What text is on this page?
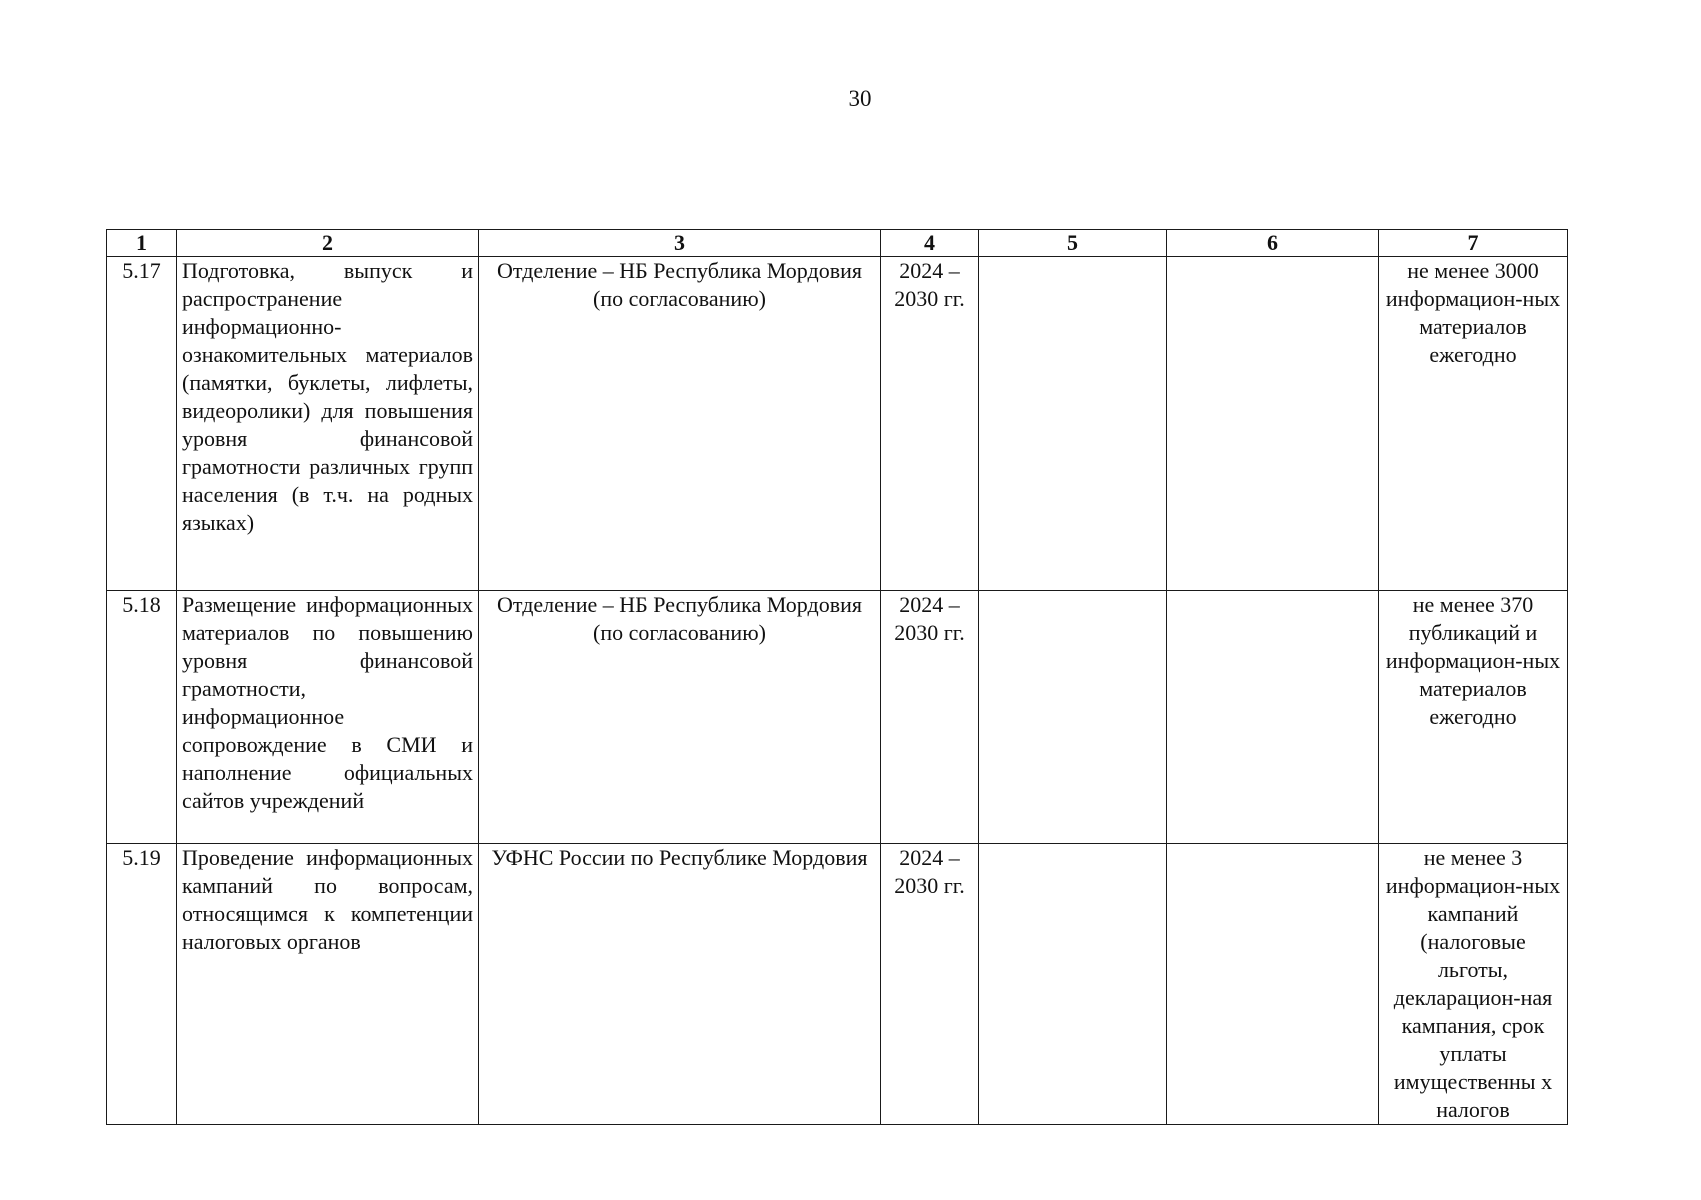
30
1	2	3	4	5	6	7
5.17	Подготовка, выпуск и распространение информационно-ознакомительных материалов (памятки, буклеты, лифлеты, видеоролики) для повышения уровня финансовой грамотности различных групп населения (в т.ч. на родных языках)	Отделение – НБ Республика Мордовия (по согласованию)	2024 – 2030 гг.			не менее 3000 информацион-ных материалов ежегодно
5.18	Размещение информационных материалов по повышению уровня финансовой грамотности, информационное сопровождение в СМИ и наполнение официальных сайтов учреждений	Отделение – НБ Республика Мордовия (по согласованию)	2024 – 2030 гг.			не менее 370 публикаций и информацион-ных материалов ежегодно
5.19	Проведение информационных кампаний по вопросам, относящимся к компетенции налоговых органов	УФНС России по Республике Мордовия	2024 – 2030 гг.			не менее 3 информацион-ных кампаний (налоговые льготы, декларацион-ная кампания, срок уплаты имущественны х налогов
